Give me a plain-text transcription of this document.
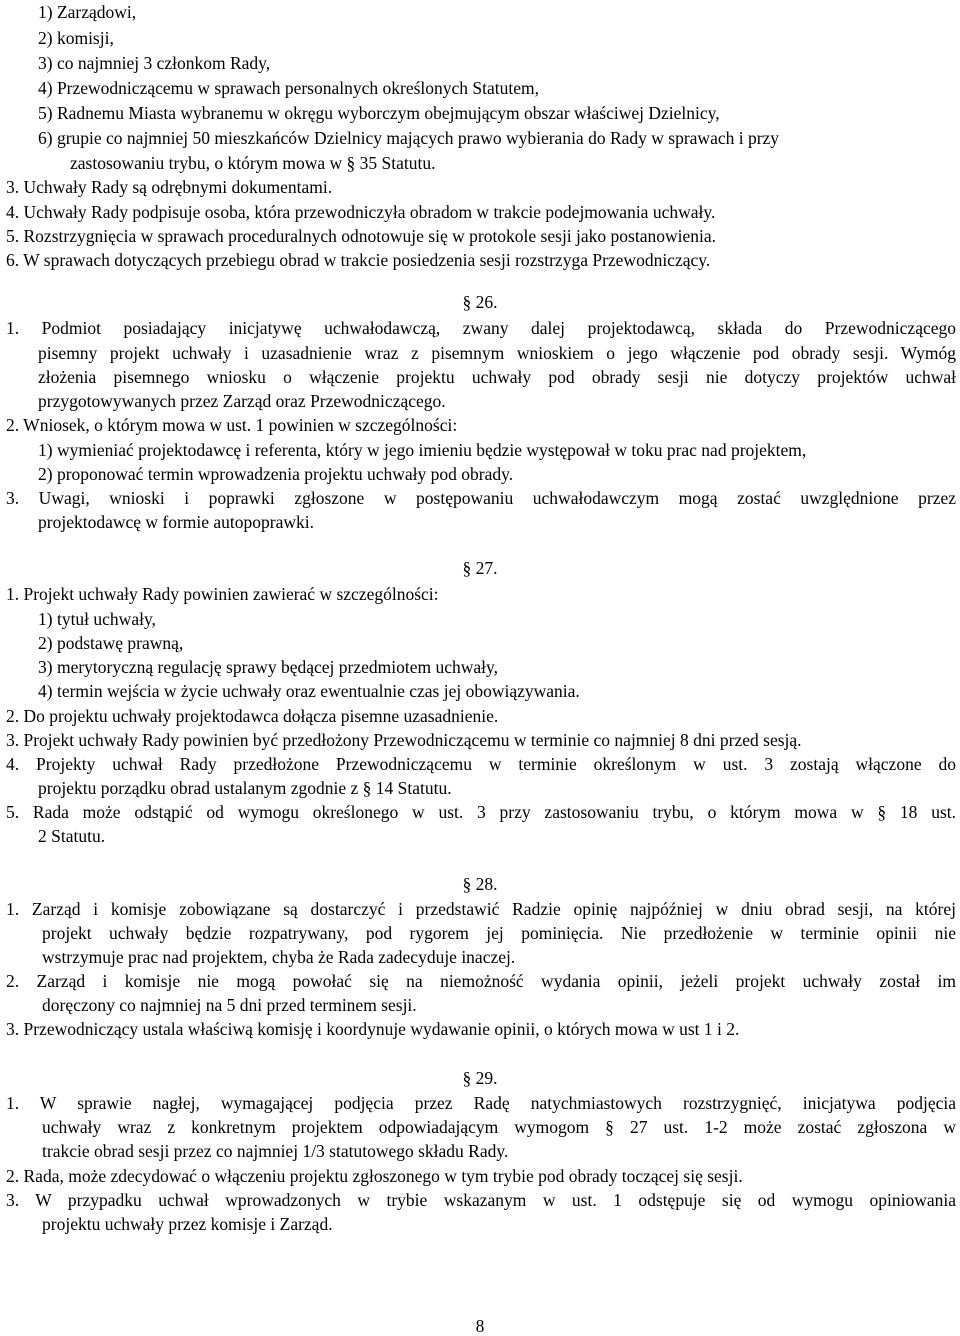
1) Zarządowi,
2) komisji,
3) co najmniej 3 członkom Rady,
4) Przewodniczącemu w sprawach personalnych określonych Statutem,
5) Radnemu Miasta wybranemu w okręgu wyborczym obejmującym obszar właściwej Dzielnicy,
6) grupie co najmniej 50 mieszkańców Dzielnicy mających prawo wybierania do Rady w sprawach i przy
zastosowaniu trybu, o którym mowa w § 35 Statutu.
3. Uchwały Rady są odrębnymi dokumentami.
4. Uchwały Rady podpisuje osoba, która przewodniczyła obradom w trakcie podejmowania uchwały.
5. Rozstrzygnięcia w sprawach proceduralnych odnotowuje się w protokole sesji jako postanowienia.
6. W sprawach dotyczących przebiegu obrad w trakcie posiedzenia sesji rozstrzyga Przewodniczący.
§ 26.
1. Podmiot posiadający inicjatywę uchwałodawczą, zwany dalej projektodawcą, składa do Przewodniczącego
pisemny projekt uchwały i uzasadnienie wraz z pisemnym wnioskiem o jego włączenie pod obrady sesji. Wymóg
złożenia pisemnego wniosku o włączenie projektu uchwały pod obrady sesji nie dotyczy projektów uchwał
przygotowywanych przez Zarząd oraz Przewodniczącego.
2. Wniosek, o którym mowa w ust. 1 powinien w szczególności:
1) wymieniać projektodawcę i referenta, który w jego imieniu będzie występował w toku prac nad projektem,
2) proponować termin wprowadzenia projektu uchwały pod obrady.
3. Uwagi, wnioski i poprawki zgłoszone w postępowaniu uchwałodawczym mogą zostać uwzględnione przez
projektodawcę w formie autopoprawki.
§ 27.
1. Projekt uchwały Rady powinien zawierać w szczególności:
1) tytuł uchwały,
2) podstawę prawną,
3) merytoryczną regulację sprawy będącej przedmiotem uchwały,
4) termin wejścia w życie uchwały oraz ewentualnie czas jej obowiązywania.
2. Do projektu uchwały projektodawca dołącza pisemne uzasadnienie.
3. Projekt uchwały Rady powinien być przedłożony Przewodniczącemu w terminie co najmniej 8 dni przed sesją.
4. Projekty uchwał Rady przedłożone Przewodniczącemu w terminie określonym w ust. 3 zostają włączone do
projektu porządku obrad ustalanym zgodnie z § 14 Statutu.
5. Rada może odstąpić od wymogu określonego w ust. 3 przy zastosowaniu trybu, o którym mowa w § 18 ust.
2 Statutu.
§ 28.
1. Zarząd i komisje zobowiązane są dostarczyć i przedstawić Radzie opinię najpóźniej w dniu obrad sesji, na której
projekt uchwały będzie rozpatrywany, pod rygorem jej pominięcia. Nie przedłożenie w terminie opinii nie
wstrzymuje prac nad projektem, chyba że Rada zadecyduje inaczej.
2. Zarząd i komisje nie mogą powołać się na niemożność wydania opinii, jeżeli projekt uchwały został im
doręczony co najmniej na 5 dni przed terminem sesji.
3. Przewodniczący ustala właściwą komisję i koordynuje wydawanie opinii, o których mowa w ust 1 i 2.
§ 29.
1. W sprawie nagłej, wymagającej podjęcia przez Radę natychmiastowych rozstrzygnięć, inicjatywa podjęcia
uchwały wraz z konkretnym projektem odpowiadającym wymogom § 27 ust. 1-2 może zostać zgłoszona w
trakcie obrad sesji przez co najmniej 1/3 statutowego składu Rady.
2. Rada, może zdecydować o włączeniu projektu zgłoszonego w tym trybie pod obrady toczącej się sesji.
3. W przypadku uchwał wprowadzonych w trybie wskazanym w ust. 1 odstępuje się od wymogu opiniowania
projektu uchwały przez komisje i Zarząd.
8
